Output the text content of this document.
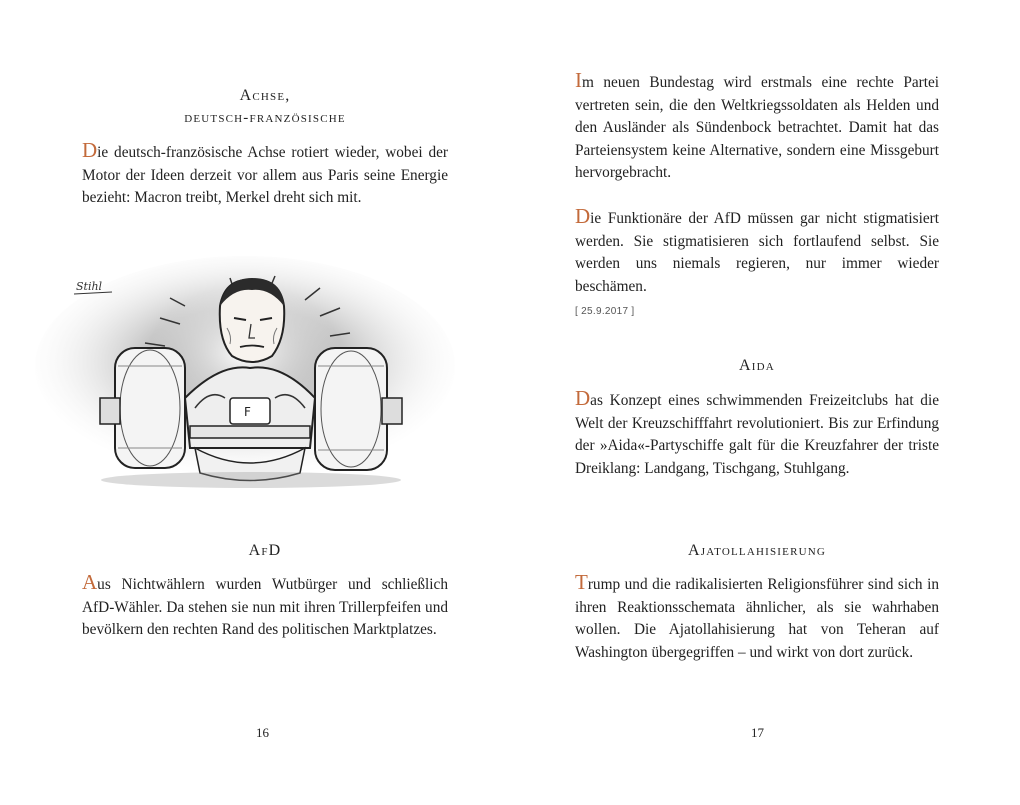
Achse,
deutsch-französische

Die deutsch-französische Achse rotiert wieder, wobei der Motor der Ideen derzeit vor allem aus Paris seine Energie bezieht: Macron treibt, Merkel dreht sich mit.

Stihl
F
AfD

Aus Nichtwählern wurden Wutbürger und schließlich AfD-Wähler. Da stehen sie nun mit ihren Trillerpfeifen und bevölkern den rechten Rand des politischen Marktplatzes.

16

Im neuen Bundestag wird erstmals eine rechte Partei vertreten sein, die den Weltkriegssoldaten als Helden und den Ausländer als Sündenbock betrachtet. Damit hat das Parteiensystem keine Alternative, sondern eine Missgeburt hervorgebracht.

Die Funktionäre der AfD müssen gar nicht stigmatisiert werden. Sie stigmatisieren sich fortlaufend selbst. Sie werden uns niemals regieren, nur immer wieder beschämen.

[ 25.9.2017 ]
Aida

Das Konzept eines schwimmenden Freizeitclubs hat die Welt der Kreuzschifffahrt revolutioniert. Bis zur Erfindung der »Aida«-Partyschiffe galt für die Kreuzfahrer der triste Dreiklang: Landgang, Tischgang, Stuhlgang.

Ajatollahisierung

Trump und die radikalisierten Religionsführer sind sich in ihren Reaktionsschemata ähnlicher, als sie wahrhaben wollen. Die Ajatollahisierung hat von Teheran auf Washington übergegriffen – und wirkt von dort zurück.

17
